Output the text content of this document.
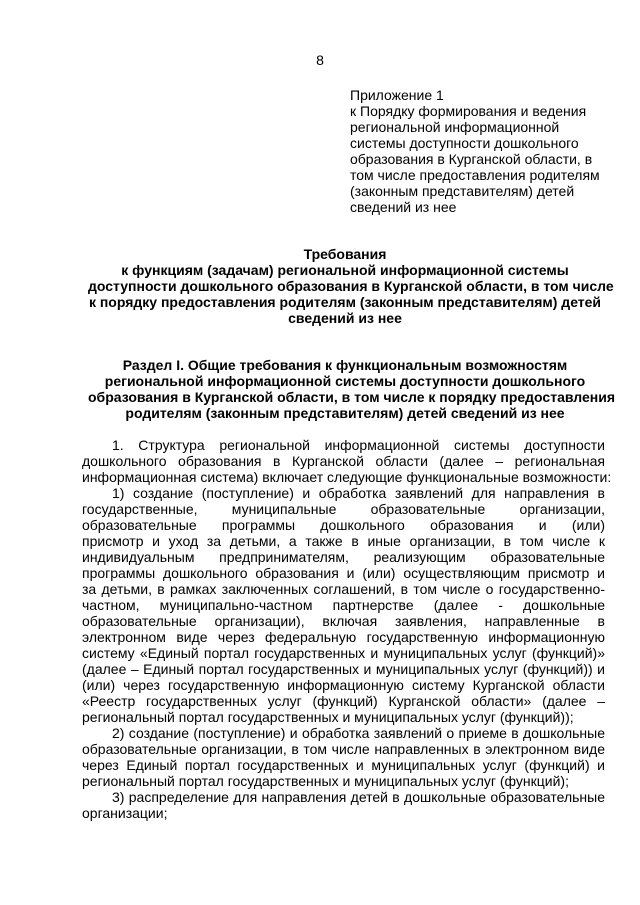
8
Приложение 1
к Порядку формирования и ведения
региональной информационной
системы доступности дошкольного
образования в Курганской области, в
том числе предоставления родителям
(законным представителям) детей
сведений из нее
Требования
к функциям (задачам) региональной информационной системы
доступности дошкольного образования в Курганской области, в том числе
к порядку предоставления родителям (законным представителям) детей
сведений из нее
Раздел I. Общие требования к функциональным возможностям
региональной информационной системы доступности дошкольного
образования в Курганской области, в том числе к порядку предоставления
родителям (законным представителям) детей сведений из нее
1. Структура региональной информационной системы доступности
дошкольного образования в Курганской области (далее – региональная
информационная система) включает следующие функциональные возможности:
1) создание (поступление) и обработка заявлений для направления в
государственные, муниципальные образовательные организации,
образовательные программы дошкольного образования и (или)
присмотр и уход за детьми, а также в иные организации, в том числе к
индивидуальным предпринимателям, реализующим образовательные
программы дошкольного образования и (или) осуществляющим присмотр и
за детьми, в рамках заключенных соглашений, в том числе о государственно-
частном, муниципально-частном партнерстве (далее - дошкольные
образовательные организации), включая заявления, направленные в
электронном виде через федеральную государственную информационную
систему «Единый портал государственных и муниципальных услуг (функций)»
(далее – Единый портал государственных и муниципальных услуг (функций)) и
(или) через государственную информационную систему Курганской области
«Реестр государственных услуг (функций) Курганской области» (далее –
региональный портал государственных и муниципальных услуг (функций));
2) создание (поступление) и обработка заявлений о приеме в дошкольные
образовательные организации, в том числе направленных в электронном виде
через Единый портал государственных и муниципальных услуг (функций) и
региональный портал государственных и муниципальных услуг (функций);
3) распределение для направления детей в дошкольные образовательные
организации;
